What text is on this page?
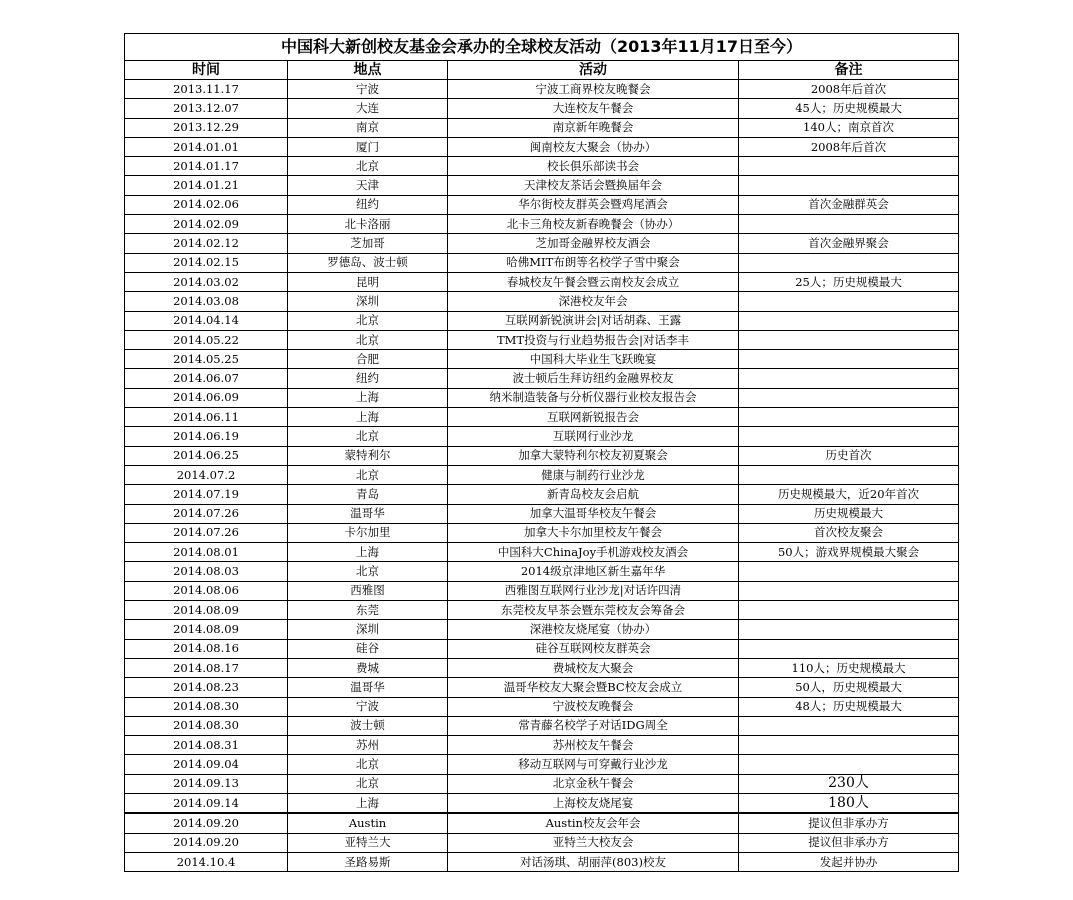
中国科大新创校友基金会承办的全球校友活动（2013年11月17日至今）			
时间	地点	活动	备注
2013.11.17	宁波	宁波工商界校友晚餐会	2008年后首次
2013.12.07	大连	大连校友午餐会	45人；历史规模最大
2013.12.29	南京	南京新年晚餐会	140人；南京首次
2014.01.01	厦门	闽南校友大聚会（协办）	2008年后首次
2014.01.17	北京	校长俱乐部读书会	
2014.01.21	天津	天津校友茶话会暨换届年会	
2014.02.06	纽约	华尔街校友群英会暨鸡尾酒会	首次金融群英会
2014.02.09	北卡洛丽	北卡三角校友新春晚餐会（协办）	
2014.02.12	芝加哥	芝加哥金融界校友酒会	首次金融界聚会
2014.02.15	罗德岛、波士顿	哈佛MIT布朗等名校学子雪中聚会	
2014.03.02	昆明	春城校友午餐会暨云南校友会成立	25人；历史规模最大
2014.03.08	深圳	深港校友年会	
2014.04.14	北京	互联网新锐演讲会|对话胡森、王露	
2014.05.22	北京	TMT投资与行业趋势报告会|对话李丰	
2014.05.25	合肥	中国科大毕业生飞跃晚宴	
2014.06.07	纽约	波士顿后生拜访纽约金融界校友	
2014.06.09	上海	纳米制造装备与分析仪器行业校友报告会	
2014.06.11	上海	互联网新锐报告会	
2014.06.19	北京	互联网行业沙龙	
2014.06.25	蒙特利尔	加拿大蒙特利尔校友初夏聚会	历史首次
2014.07.2	北京	健康与制药行业沙龙	
2014.07.19	青岛	新青岛校友会启航	历史规模最大，近20年首次
2014.07.26	温哥华	加拿大温哥华校友午餐会	历史规模最大
2014.07.26	卡尔加里	加拿大卡尔加里校友午餐会	首次校友聚会
2014.08.01	上海	中国科大ChinaJoy手机游戏校友酒会	50人；游戏界规模最大聚会
2014.08.03	北京	2014级京津地区新生嘉年华	
2014.08.06	西雅图	西雅图互联网行业沙龙|对话许四清	
2014.08.09	东莞	东莞校友早茶会暨东莞校友会筹备会	
2014.08.09	深圳	深港校友烧尾宴（协办）	
2014.08.16	硅谷	硅谷互联网校友群英会	
2014.08.17	费城	费城校友大聚会	110人；历史规模最大
2014.08.23	温哥华	温哥华校友大聚会暨BC校友会成立	50人，历史规模最大
2014.08.30	宁波	宁波校友晚餐会	48人；历史规模最大
2014.08.30	波士顿	常青藤名校学子对话IDG周全	
2014.08.31	苏州	苏州校友午餐会	
2014.09.04	北京	移动互联网与可穿戴行业沙龙	
2014.09.13	北京	北京金秋午餐会	230人
2014.09.14	上海	上海校友烧尾宴	180人
2014.09.20	Austin	Austin校友会年会	提议但非承办方
2014.09.20	亚特兰大	亚特兰大校友会	提议但非承办方
2014.10.4	圣路易斯	对话汤琪、胡丽萍(803)校友	发起并协办
